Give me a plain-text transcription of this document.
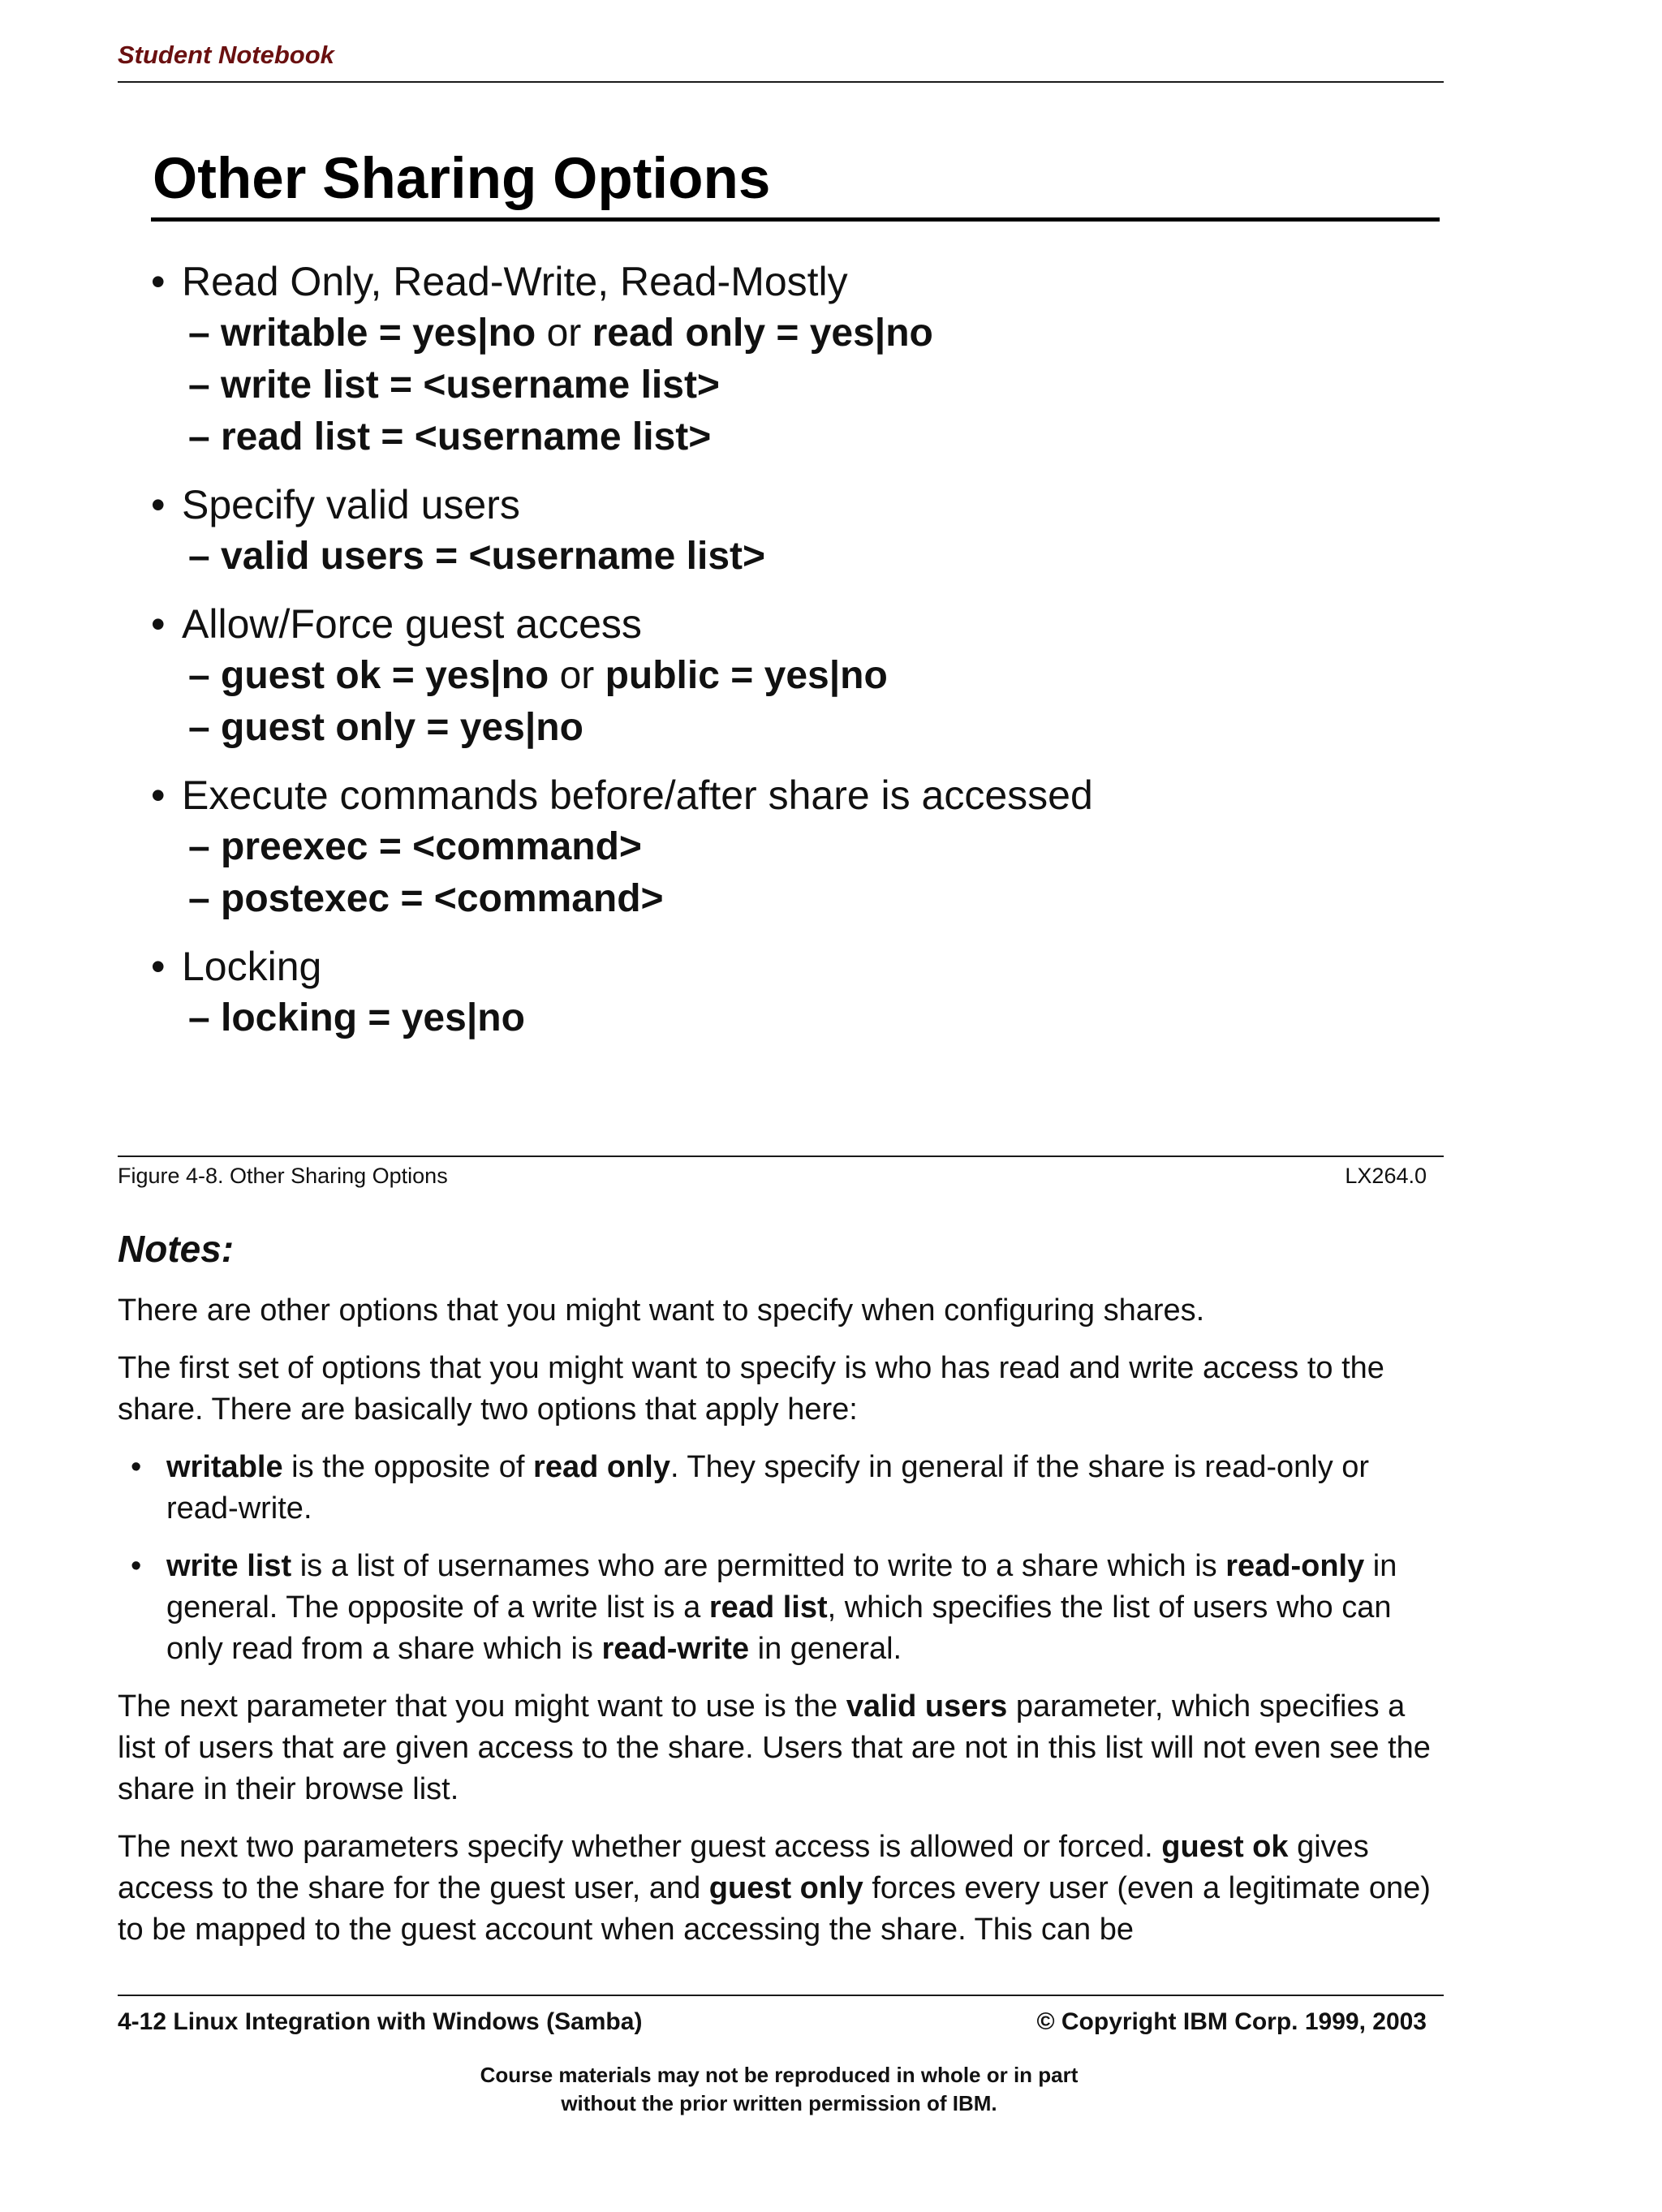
Student Notebook
Other Sharing Options
• Read Only, Read-Write, Read-Mostly
– writable = yes|no or read only = yes|no
– write list = <username list>
– read list = <username list>
• Specify valid users
– valid users = <username list>
• Allow/Force guest access
– guest ok = yes|no or public = yes|no
– guest only = yes|no
• Execute commands before/after share is accessed
– preexec = <command>
– postexec = <command>
• Locking
– locking = yes|no
Figure 4-8. Other Sharing Options	LX264.0
Notes:

There are other options that you might want to specify when configuring shares.

The first set of options that you might want to specify is who has read and write access to the share. There are basically two options that apply here:

• writable is the opposite of read only. They specify in general if the share is read-only or read-write.
• write list is a list of usernames who are permitted to write to a share which is read-only in general. The opposite of a write list is a read list, which specifies the list of users who can only read from a share which is read-write in general.

The next parameter that you might want to use is the valid users parameter, which specifies a list of users that are given access to the share. Users that are not in this list will not even see the share in their browse list.

The next two parameters specify whether guest access is allowed or forced. guest ok gives access to the share for the guest user, and guest only forces every user (even a legitimate one) to be mapped to the guest account when accessing the share. This can be

4-12 Linux Integration with Windows (Samba)	© Copyright IBM Corp. 1999, 2003
Course materials may not be reproduced in whole or in part
without the prior written permission of IBM.
